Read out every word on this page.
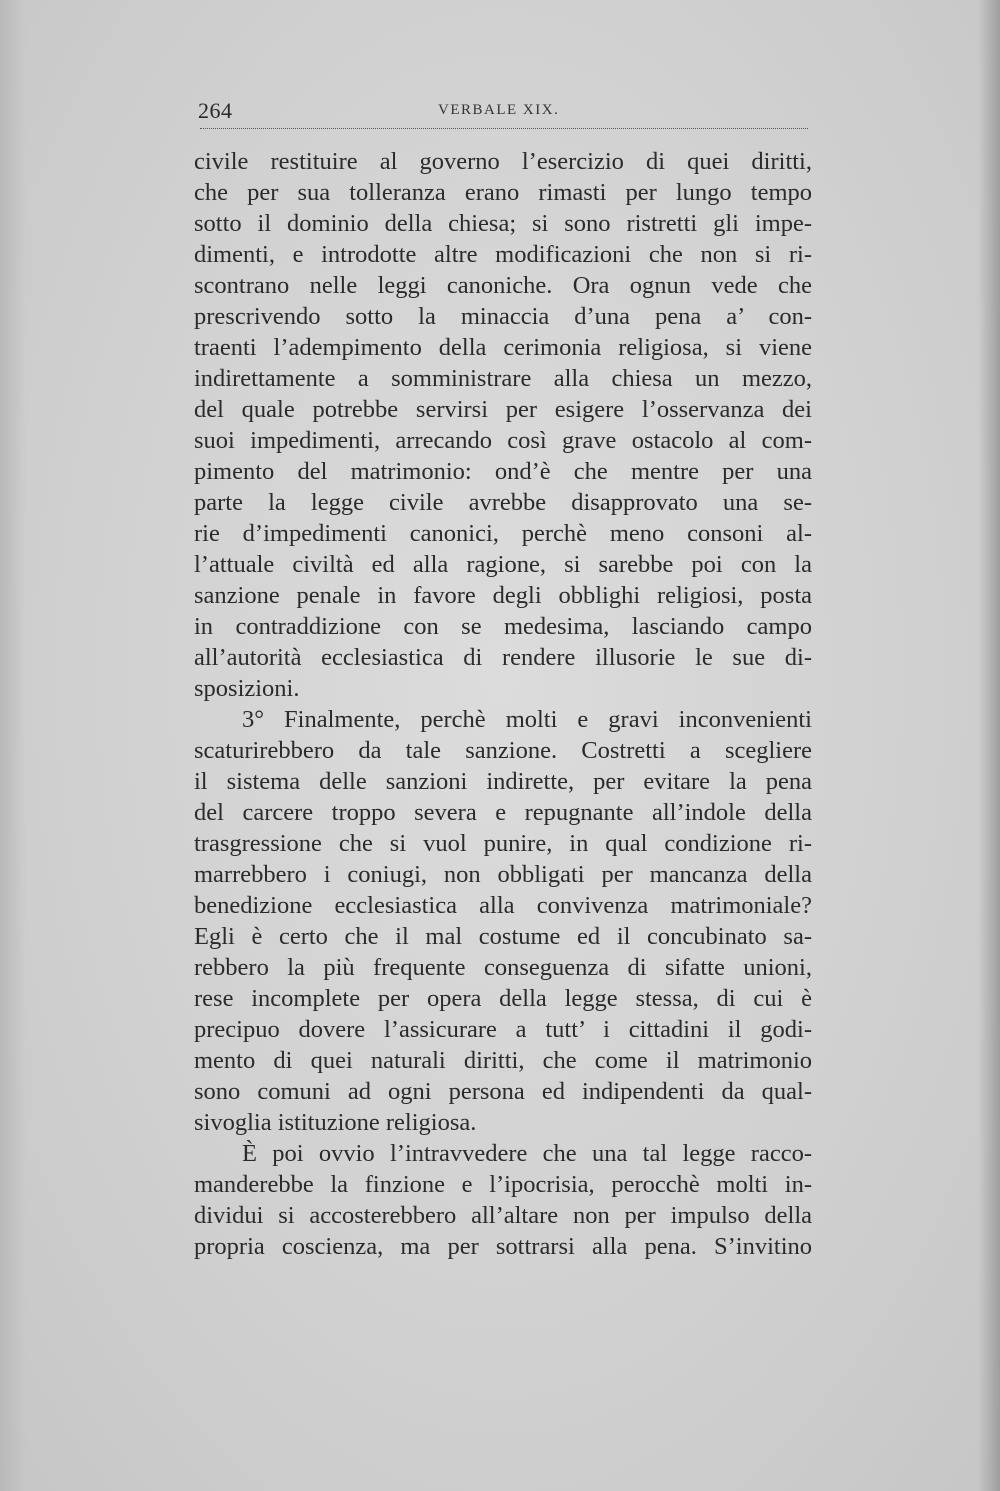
264	VERBALE XIX.
civile restituire al governo l’esercizio di quei diritti,
che per sua tolleranza erano rimasti per lungo tempo
sotto il dominio della chiesa; si sono ristretti gli impe-
dimenti, e introdotte altre modificazioni che non si ri-
scontrano nelle leggi canoniche. Ora ognun vede che
prescrivendo sotto la minaccia d’una pena a’ con-
traenti l’adempimento della cerimonia religiosa, si viene
indirettamente a somministrare alla chiesa un mezzo,
del quale potrebbe servirsi per esigere l’osservanza dei
suoi impedimenti, arrecando così grave ostacolo al com-
pimento del matrimonio: ond’è che mentre per una
parte la legge civile avrebbe disapprovato una se-
rie d’impedimenti canonici, perchè meno consoni al-
l’attuale civiltà ed alla ragione, si sarebbe poi con la
sanzione penale in favore degli obblighi religiosi, posta
in contraddizione con se medesima, lasciando campo
all’autorità ecclesiastica di rendere illusorie le sue di-
sposizioni.
3° Finalmente, perchè molti e gravi inconvenienti
scaturirebbero da tale sanzione. Costretti a scegliere
il sistema delle sanzioni indirette, per evitare la pena
del carcere troppo severa e repugnante all’indole della
trasgressione che si vuol punire, in qual condizione ri-
marrebbero i coniugi, non obbligati per mancanza della
benedizione ecclesiastica alla convivenza matrimoniale?
Egli è certo che il mal costume ed il concubinato sa-
rebbero la più frequente conseguenza di sifatte unioni,
rese incomplete per opera della legge stessa, di cui è
precipuo dovere l’assicurare a tutt’ i cittadini il godi-
mento di quei naturali diritti, che come il matrimonio
sono comuni ad ogni persona ed indipendenti da qual-
sivoglia istituzione religiosa.
È poi ovvio l’intravvedere che una tal legge racco-
manderebbe la finzione e l’ipocrisia, perocchè molti in-
dividui si accosterebbero all’altare non per impulso della
propria coscienza, ma per sottrarsi alla pena. S’invitino
